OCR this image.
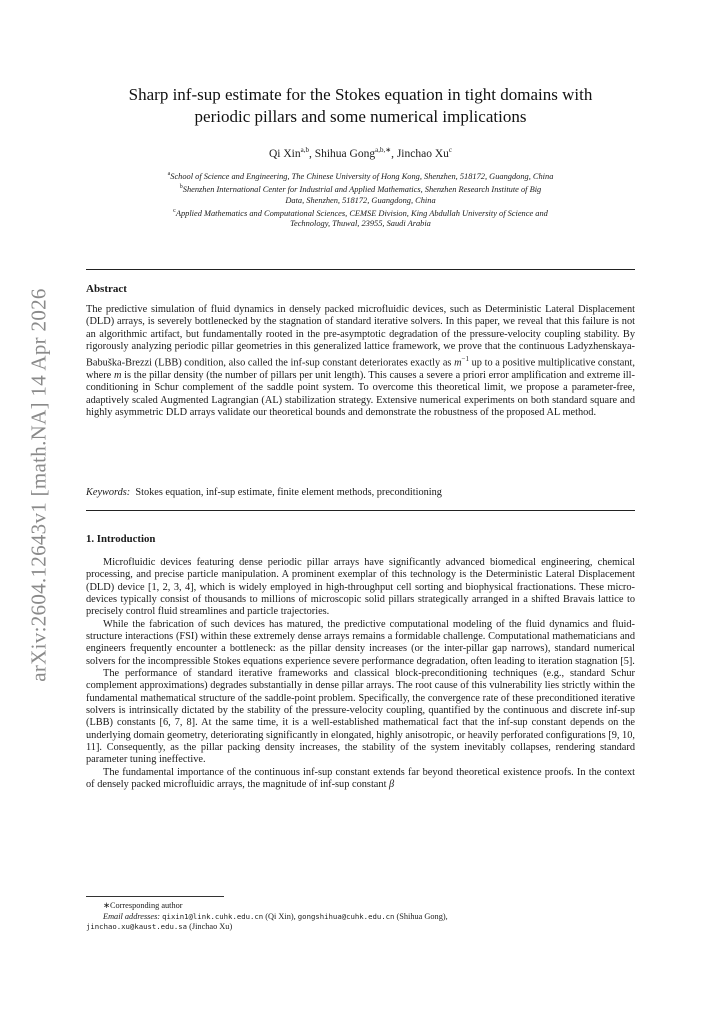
arXiv:2604.12643v1 [math.NA] 14 Apr 2026
Sharp inf-sup estimate for the Stokes equation in tight domains with
periodic pillars and some numerical implications
Qi Xin$^{a,b}$, Shihua Gong$^{a,b,∗}$, Jinchao Xu$^c$
$^a$School of Science and Engineering, The Chinese University of Hong Kong, Shenzhen, 518172, Guangdong, China
$^b$Shenzhen International Center for Industrial and Applied Mathematics, Shenzhen Research Institute of Big
Data, Shenzhen, 518172, Guangdong, China
$^c$Applied Mathematics and Computational Sciences, CEMSE Division, King Abdullah University of Science and
Technology, Thuwal, 23955, Saudi Arabia
Abstract

The predictive simulation of fluid dynamics in densely packed microfluidic devices, such as Deterministic Lateral Displacement (DLD) arrays, is severely bottlenecked by the stagnation of standard iterative solvers. In this paper, we reveal that this failure is not an algorithmic artifact, but fundamentally rooted in the pre-asymptotic degradation of the pressure-velocity coupling stability. By rigorously analyzing periodic pillar geometries in this generalized lattice framework, we prove that the continuous Ladyzhenskaya-Babuška-Brezzi (LBB) condition, also called the inf-sup constant deteriorates exactly as $m^{-1}$ up to a positive multiplicative constant, where m is the pillar density (the number of pillars per unit length). This causes a severe a priori error amplification and extreme ill-conditioning in Schur complement of the saddle point system. To overcome this theoretical limit, we propose a parameter-free, adaptively scaled Augmented Lagrangian (AL) stabilization strategy. Extensive numerical experiments on both standard square and highly asymmetric DLD arrays validate our theoretical bounds and demonstrate the robustness of the proposed AL method.

Keywords: Stokes equation, inf-sup estimate, finite element methods, preconditioning
1. Introduction

Microfluidic devices featuring dense periodic pillar arrays have significantly advanced biomedical engineering, chemical processing, and precise particle manipulation. A prominent exemplar of this technology is the Deterministic Lateral Displacement (DLD) device [1, 2, 3, 4], which is widely employed in high-throughput cell sorting and biophysical fractionations. These micro-devices typically consist of thousands to millions of microscopic solid pillars strategically arranged in a shifted Bravais lattice to precisely control fluid streamlines and particle trajectories.

While the fabrication of such devices has matured, the predictive computational modeling of the fluid dynamics and fluid-structure interactions (FSI) within these extremely dense arrays remains a formidable challenge. Computational mathematicians and engineers frequently encounter a bottleneck: as the pillar density increases (or the inter-pillar gap narrows), standard numerical solvers for the incompressible Stokes equations experience severe performance degradation, often leading to iteration stagnation [5].

The performance of standard iterative frameworks and classical block-preconditioning techniques (e.g., standard Schur complement approximations) degrades substantially in dense pillar arrays. The root cause of this vulnerability lies strictly within the fundamental mathematical structure of the saddle-point problem. Specifically, the convergence rate of these preconditioned iterative solvers is intrinsically dictated by the stability of the pressure-velocity coupling, quantified by the continuous and discrete inf-sup (LBB) constants [6, 7, 8]. At the same time, it is a well-established mathematical fact that the inf-sup constant depends on the underlying domain geometry, deteriorating significantly in elongated, highly anisotropic, or heavily perforated configurations [9, 10, 11]. Consequently, as the pillar packing density increases, the stability of the system inevitably collapses, rendering standard parameter tuning ineffective.

The fundamental importance of the continuous inf-sup constant extends far beyond theoretical existence proofs. In the context of densely packed microfluidic arrays, the magnitude of inf-sup constant β

∗Corresponding author
Email addresses: qixin1@link.cuhk.edu.cn (Qi Xin), gongshihua@cuhk.edu.cn (Shihua Gong),
jinchao.xu@kaust.edu.sa (Jinchao Xu)
